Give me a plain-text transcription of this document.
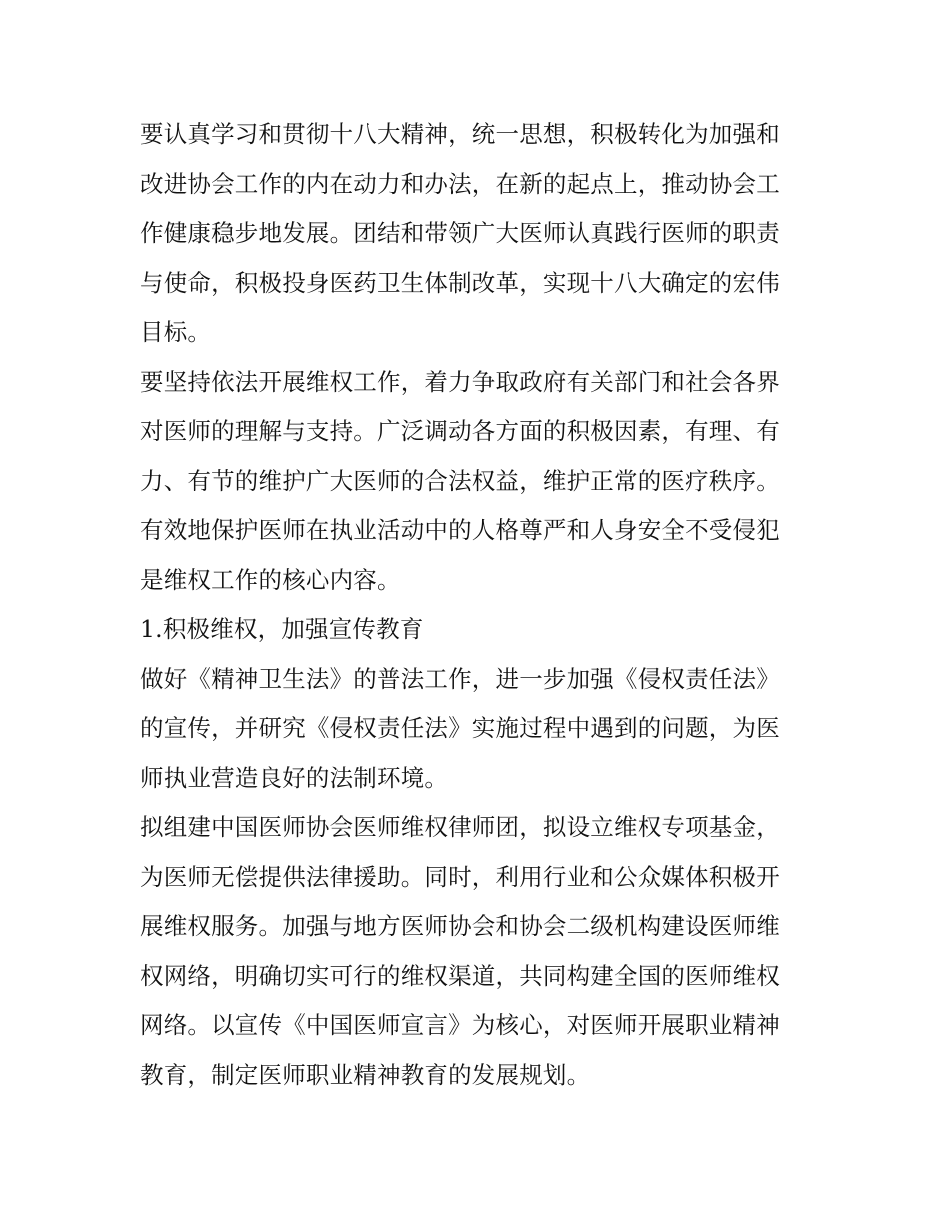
要认真学习和贯彻十八大精神，统一思想，积极转化为加强和
改进协会工作的内在动力和办法，在新的起点上，推动协会工
作健康稳步地发展。团结和带领广大医师认真践行医师的职责
与使命，积极投身医药卫生体制改革，实现十八大确定的宏伟
目标。

要坚持依法开展维权工作，着力争取政府有关部门和社会各界
对医师的理解与支持。广泛调动各方面的积极因素，有理、有
力、有节的维护广大医师的合法权益，维护正常的医疗秩序。
有效地保护医师在执业活动中的人格尊严和人身安全不受侵犯
是维权工作的核心内容。

1.积极维权，加强宣传教育

做好《精神卫生法》的普法工作，进一步加强《侵权责任法》
的宣传，并研究《侵权责任法》实施过程中遇到的问题，为医
师执业营造良好的法制环境。

拟组建中国医师协会医师维权律师团，拟设立维权专项基金，
为医师无偿提供法律援助。同时，利用行业和公众媒体积极开
展维权服务。加强与地方医师协会和协会二级机构建设医师维
权网络，明确切实可行的维权渠道，共同构建全国的医师维权
网络。以宣传《中国医师宣言》为核心，对医师开展职业精神
教育，制定医师职业精神教育的发展规划。
